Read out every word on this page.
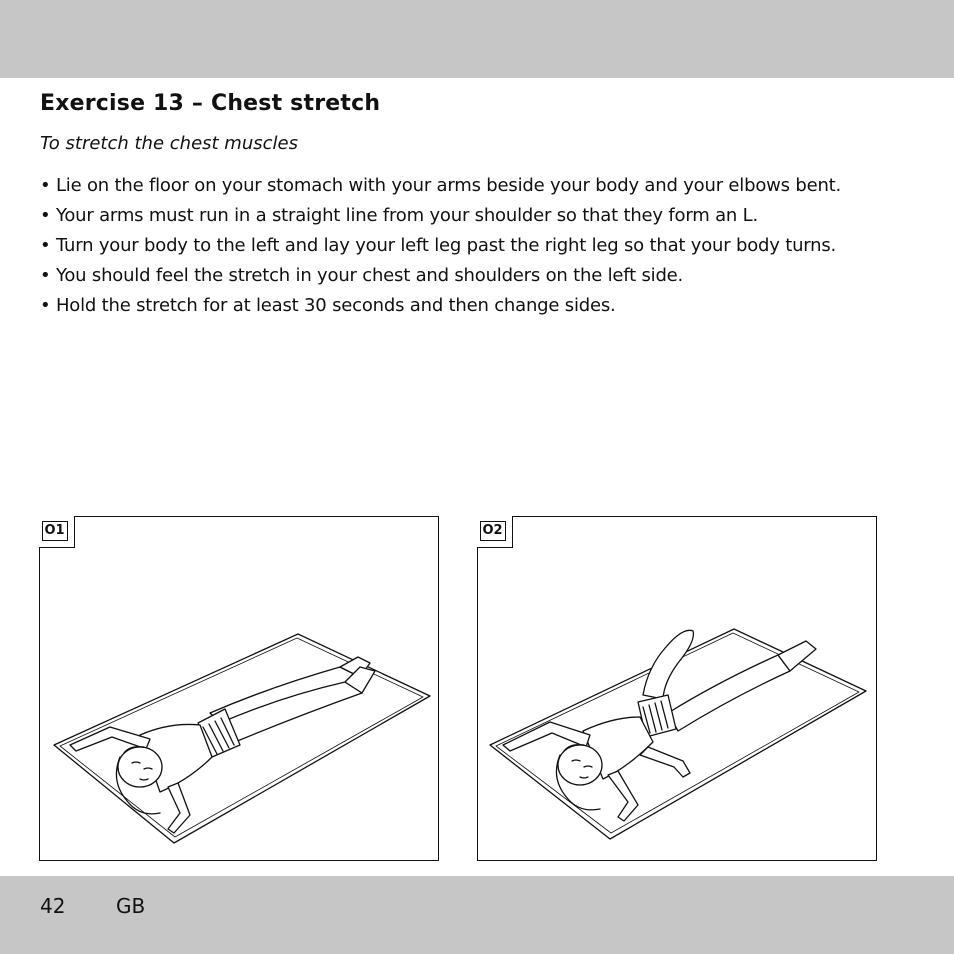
Exercise 13 – Chest stretch

To stretch the chest muscles

• Lie on the floor on your stomach with your arms beside your body and your elbows bent.
• Your arms must run in a straight line from your shoulder so that they form an L.
• Turn your body to the left and lay your left leg past the right leg so that your body turns.
• You should feel the stretch in your chest and shoulders on the left side.
• Hold the stretch for at least 30 seconds and then change sides.
O1	O2
42	GB
